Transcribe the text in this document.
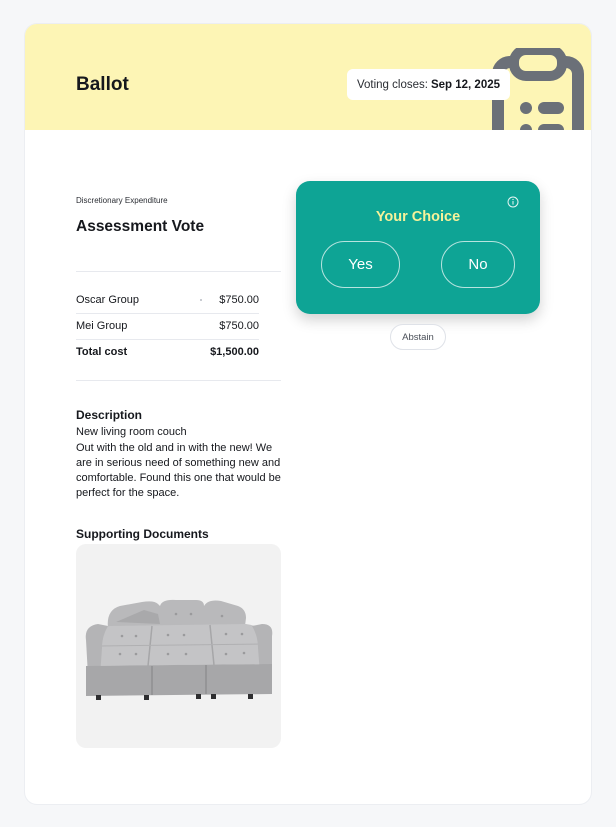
Ballot	Voting closes: Sep 12, 2025
Discretionary Expenditure
Assessment Vote
Oscar Group	$750.00
Mei Group	$750.00
Total cost	$1,500.00
Description
New living room couch
Out with the old and in with the new! We are in serious need of something new and comfortable. Found this one that would be perfect for the space.
Supporting Documents
Your Choice
Yes	No
Abstain
